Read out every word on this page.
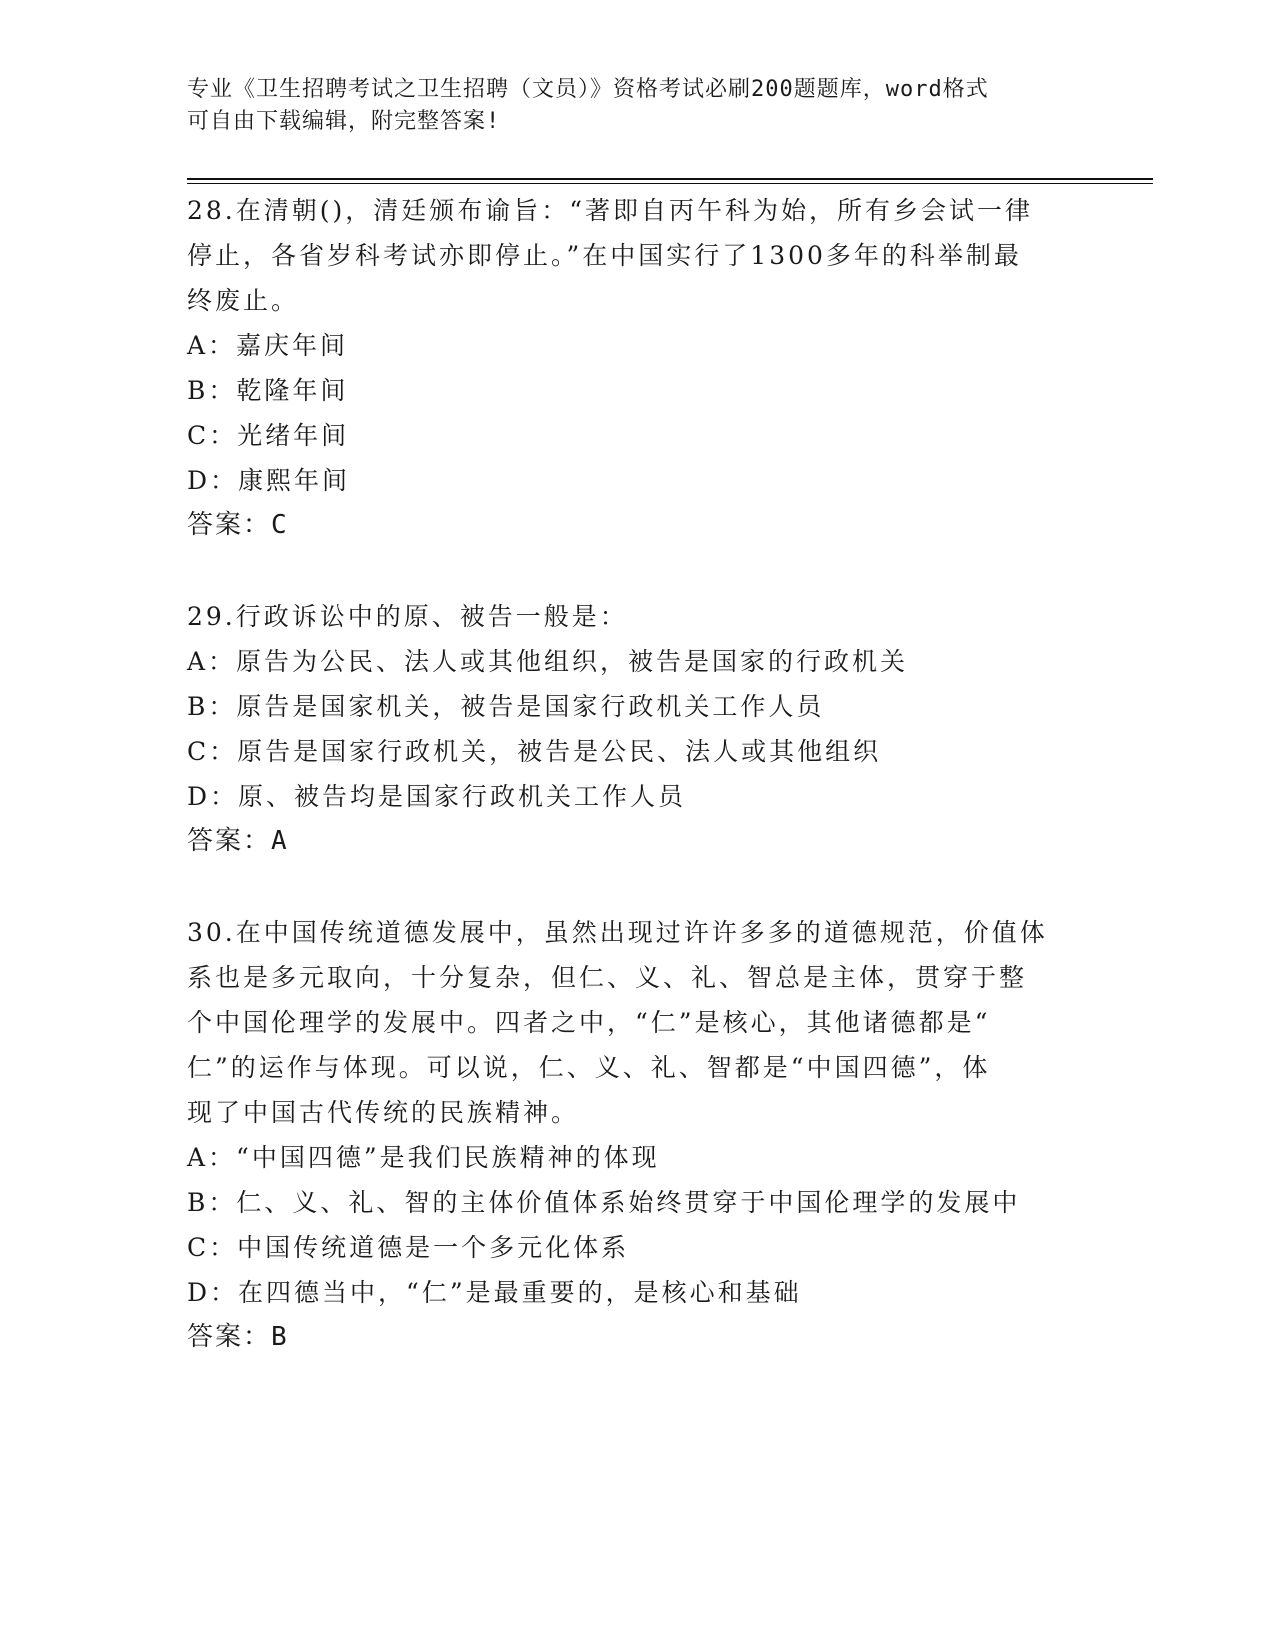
专业《卫生招聘考试之卫生招聘（文员）》资格考试必刷200题题库，word格式
可自由下载编辑，附完整答案!
28.在清朝()，清廷颁布谕旨：“著即自丙午科为始，所有乡会试一律
停止，各省岁科考试亦即停止。”在中国实行了1300多年的科举制最
终废止。
A：嘉庆年间
B：乾隆年间
C：光绪年间
D：康熙年间
答案：C
29.行政诉讼中的原、被告一般是：
A：原告为公民、法人或其他组织，被告是国家的行政机关
B：原告是国家机关，被告是国家行政机关工作人员
C：原告是国家行政机关，被告是公民、法人或其他组织
D：原、被告均是国家行政机关工作人员
答案：A
30.在中国传统道德发展中，虽然出现过许许多多的道德规范，价值体
系也是多元取向，十分复杂，但仁、义、礼、智总是主体，贯穿于整
个中国伦理学的发展中。四者之中，“仁”是核心，其他诸德都是“
仁”的运作与体现。可以说，仁、义、礼、智都是“中国四德”，体
现了中国古代传统的民族精神。
A：“中国四德”是我们民族精神的体现
B：仁、义、礼、智的主体价值体系始终贯穿于中国伦理学的发展中
C：中国传统道德是一个多元化体系
D：在四德当中，“仁”是最重要的，是核心和基础
答案：B
